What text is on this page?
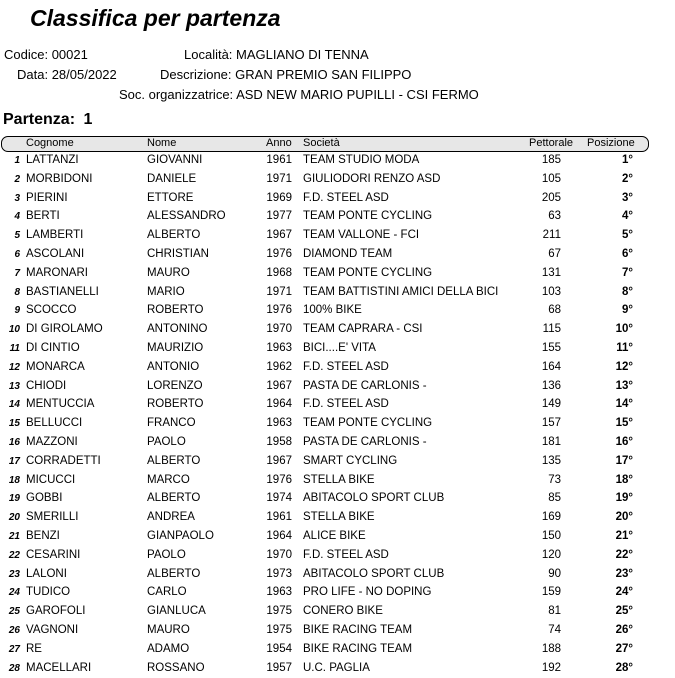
Classifica per partenza
Codice: 00021
Data: 28/05/2022
Località: MAGLIANO DI TENNA
Descrizione: GRAN PREMIO SAN FILIPPO
Soc. organizzatrice: ASD NEW MARIO PUPILLI - CSI FERMO
Partenza: 1
Cognome	Nome	Anno Società	Pettorale Posizione
1 LATTANZI	GIOVANNI	1961 TEAM STUDIO MODA	185	1°
2 MORBIDONI	DANIELE	1971 GIULIODORI RENZO ASD	105	2°
3 PIERINI	ETTORE	1969 F.D. STEEL ASD	205	3°
4 BERTI	ALESSANDRO	1977 TEAM PONTE CYCLING	63	4°
5 LAMBERTI	ALBERTO	1967 TEAM VALLONE - FCI	211	5°
6 ASCOLANI	CHRISTIAN	1976 DIAMOND TEAM	67	6°
7 MARONARI	MAURO	1968 TEAM PONTE CYCLING	131	7°
8 BASTIANELLI	MARIO	1971 TEAM BATTISTINI AMICI DELLA BICI	103	8°
9 SCOCCO	ROBERTO	1976 100% BIKE	68	9°
10 DI GIROLAMO	ANTONINO	1970 TEAM CAPRARA - CSI	115	10°
11 DI CINTIO	MAURIZIO	1963 BICI....E' VITA	155	11°
12 MONARCA	ANTONIO	1962 F.D. STEEL ASD	164	12°
13 CHIODI	LORENZO	1967 PASTA DE CARLONIS -	136	13°
14 MENTUCCIA	ROBERTO	1964 F.D. STEEL ASD	149	14°
15 BELLUCCI	FRANCO	1963 TEAM PONTE CYCLING	157	15°
16 MAZZONI	PAOLO	1958 PASTA DE CARLONIS -	181	16°
17 CORRADETTI	ALBERTO	1967 SMART CYCLING	135	17°
18 MICUCCI	MARCO	1976 STELLA BIKE	73	18°
19 GOBBI	ALBERTO	1974 ABITACOLO SPORT CLUB	85	19°
20 SMERILLI	ANDREA	1961 STELLA BIKE	169	20°
21 BENZI	GIANPAOLO	1964 ALICE BIKE	150	21°
22 CESARINI	PAOLO	1970 F.D. STEEL ASD	120	22°
23 LALONI	ALBERTO	1973 ABITACOLO SPORT CLUB	90	23°
24 TUDICO	CARLO	1963 PRO LIFE - NO DOPING	159	24°
25 GAROFOLI	GIANLUCA	1975 CONERO BIKE	81	25°
26 VAGNONI	MAURO	1975 BIKE RACING TEAM	74	26°
27 RE	ADAMO	1954 BIKE RACING TEAM	188	27°
28 MACELLARI	ROSSANO	1957 U.C. PAGLIA	192	28°
